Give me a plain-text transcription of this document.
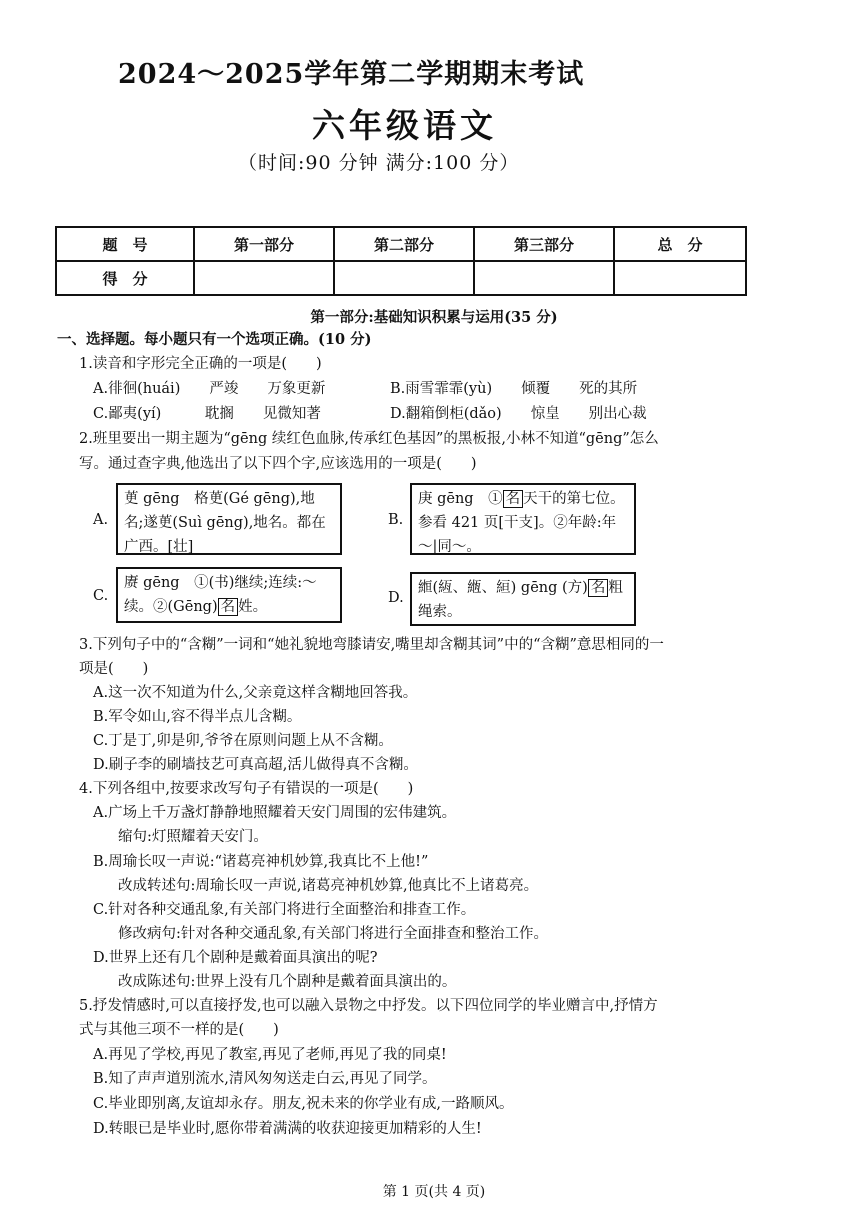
2024～2025学年第二学期期末考试
六年级语文
（时间:90 分钟 满分:100 分）
题　号	第一部分	第二部分	第三部分	总　分
得　分				
第一部分:基础知识积累与运用(35 分)
一、选择题。每小题只有一个选项正确。(10 分)
1.读音和字形完全正确的一项是(　　)
A.徘徊(huái)　　严竣　　万象更新	B.雨雪霏霏(yù)　　倾覆　　死的其所
C.鄙夷(yí)　　　耽搁　　见微知著	D.翻箱倒柜(dǎo)　　惊皇　　别出心裁
2.班里要出一期主题为“gēng 续红色血脉,传承红色基因”的黑板报,小林不知道“gēng”怎么
写。通过查字典,他选出了以下四个字,应该选用的一项是(　　)
A.
茰 gēng　格茰(Gé gēng),地名;遂茰(Suì gēng),地名。都在广西。[壮]
B.
庚 gēng　① 名 天干的第七位。参看 421 页[干支]。②年龄:年～|同～。
C.
赓 gēng　①(书)继续;连续:～续。②(Gēng) 名 姓。
D.
縆(絚、緪、絙) gēng (方) 名 粗绳索。
3.下列句子中的“含糊”一词和“她礼貌地弯膝请安,嘴里却含糊其词”中的“含糊”意思相同的一
项是(　　)
A.这一次不知道为什么,父亲竟这样含糊地回答我。
B.军令如山,容不得半点儿含糊。
C.丁是丁,卯是卯,爷爷在原则问题上从不含糊。
D.刷子李的刷墙技艺可真高超,活儿做得真不含糊。
4.下列各组中,按要求改写句子有错误的一项是(　　)
A.广场上千万盏灯静静地照耀着天安门周围的宏伟建筑。
缩句:灯照耀着天安门。
B.周瑜长叹一声说:“诸葛亮神机妙算,我真比不上他!”
改成转述句:周瑜长叹一声说,诸葛亮神机妙算,他真比不上诸葛亮。
C.针对各种交通乱象,有关部门将进行全面整治和排查工作。
修改病句:针对各种交通乱象,有关部门将进行全面排查和整治工作。
D.世界上还有几个剧种是戴着面具演出的呢?
改成陈述句:世界上没有几个剧种是戴着面具演出的。
5.抒发情感时,可以直接抒发,也可以融入景物之中抒发。以下四位同学的毕业赠言中,抒情方
式与其他三项不一样的是(　　)
A.再见了学校,再见了教室,再见了老师,再见了我的同桌!
B.知了声声道别流水,清风匆匆送走白云,再见了同学。
C.毕业即别离,友谊却永存。朋友,祝未来的你学业有成,一路顺风。
D.转眼已是毕业时,愿你带着满满的收获迎接更加精彩的人生!
第 1 页(共 4 页)
